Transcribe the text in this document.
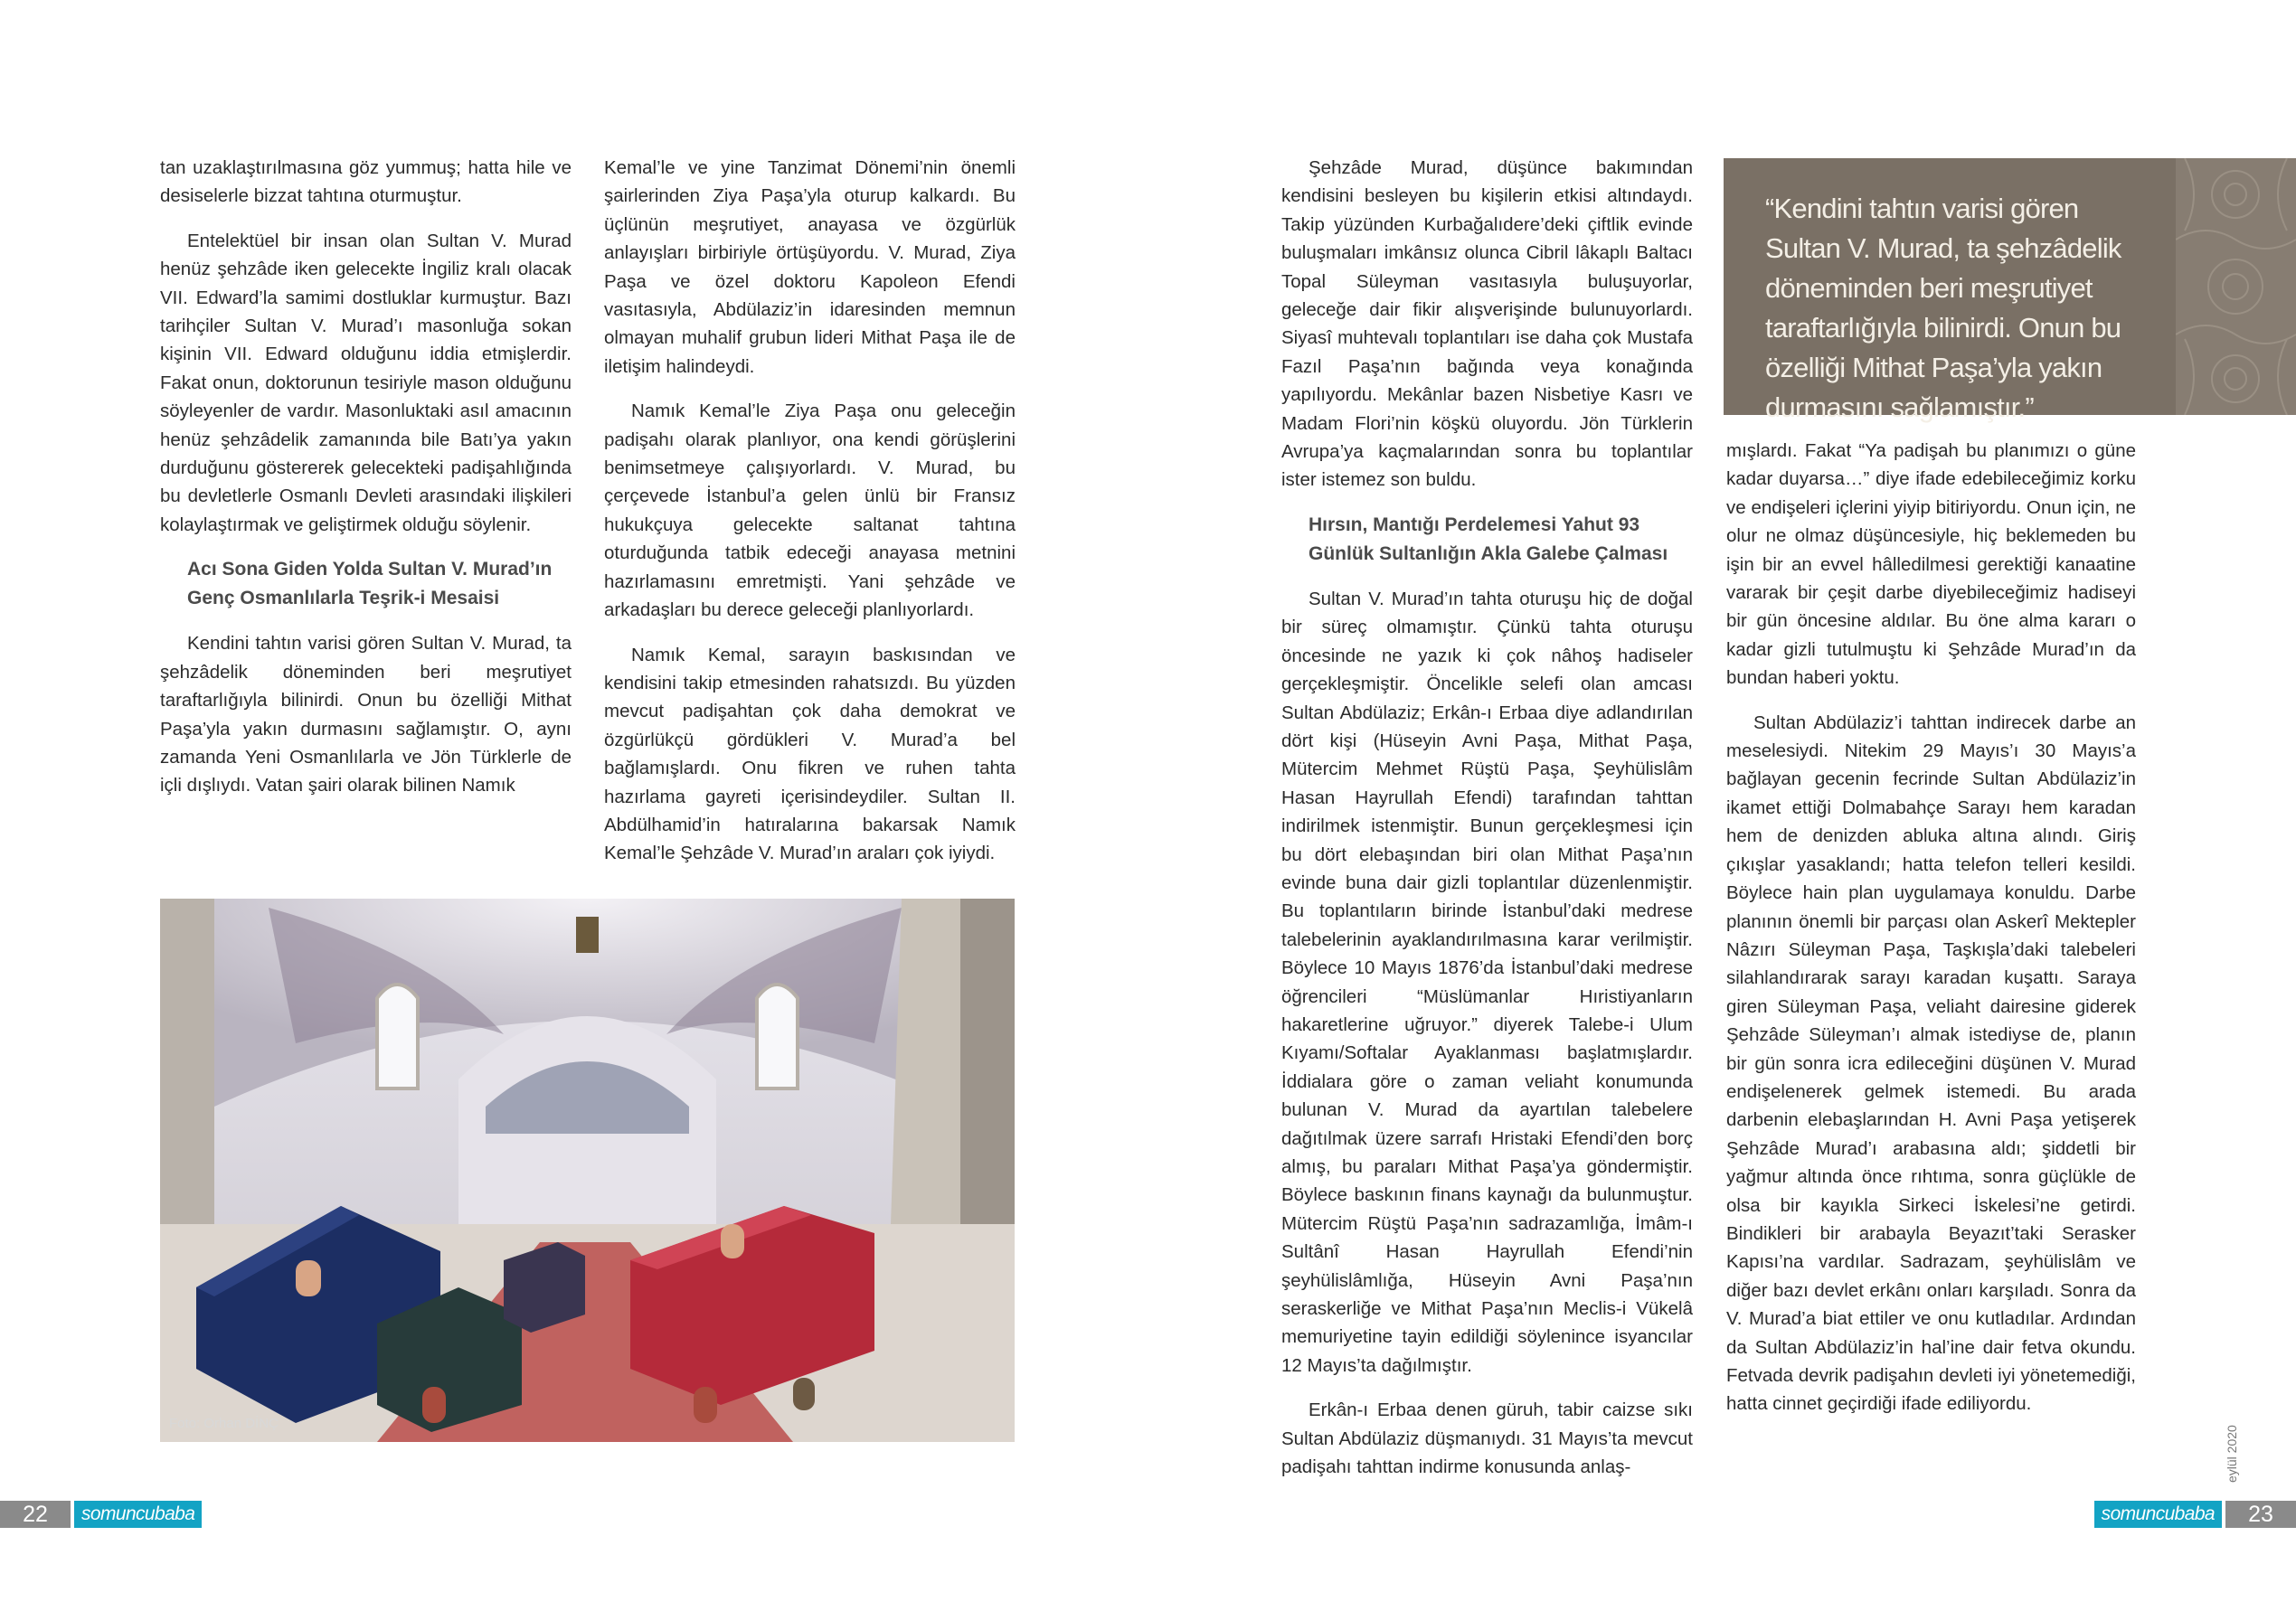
tan uzaklaştırılmasına göz yummuş; hatta hile ve desiselerle bizzat tahtına oturmuştur.

Entelektüel bir insan olan Sultan V. Murad henüz şehzâde iken gelecekte İngiliz kralı olacak VII. Edward’la samimi dostluklar kurmuştur. Bazı tarihçiler Sultan V. Murad’ı masonluğa sokan kişinin VII. Edward olduğunu iddia etmişlerdir. Fakat onun, doktorunun tesiriyle mason olduğunu söyleyenler de vardır. Masonluktaki asıl amacının henüz şehzâdelik zamanında bile Batı’ya yakın durduğunu göstererek gelecekteki padişahlığında bu devletlerle Osmanlı Devleti arasındaki ilişkileri kolaylaştırmak ve geliştirmek olduğu söylenir.

Acı Sona Giden Yolda Sultan V. Murad’ın Genç Osmanlılarla Teşrik-i Mesaisi

Kendini tahtın varisi gören Sultan V. Murad, ta şehzâdelik döneminden beri meşrutiyet taraftarlığıyla bilinirdi. Onun bu özelliği Mithat Paşa’yla yakın durmasını sağlamıştır. O, aynı zamanda Yeni Osmanlılarla ve Jön Türklerle de içli dışlıydı. Vatan şairi olarak bilinen Namık

Kemal’le ve yine Tanzimat Dönemi’nin önemli şairlerinden Ziya Paşa’yla oturup kalkardı. Bu üçlünün meşrutiyet, anayasa ve özgürlük anlayışları birbiriyle örtüşüyordu. V. Murad, Ziya Paşa ve özel doktoru Kapoleon Efendi vasıtasıyla, Abdülaziz’in idaresinden memnun olmayan muhalif grubun lideri Mithat Paşa ile de iletişim halindeydi.

Namık Kemal’le Ziya Paşa onu geleceğin padişahı olarak planlıyor, ona kendi görüşlerini benimsetmeye çalışıyorlardı. V. Murad, bu çerçevede İstanbul’a gelen ünlü bir Fransız hukukçuya gelecekte saltanat tahtına oturduğunda tatbik edeceği anayasa metnini hazırlamasını emretmişti. Yani şehzâde ve arkadaşları bu derece geleceği planlıyorlardı.

Namık Kemal, sarayın baskısından ve kendisini takip etmesinden rahatsızdı. Bu yüzden mevcut padişahtan çok daha demokrat ve özgürlükçü gördükleri V. Murad’a bel bağlamışlardı. Onu fikren ve ruhen tahta hazırlama gayreti içerisindeydiler. Sultan II. Abdülhamid’in hatıralarına bakarsak Namık Kemal’le Şehzâde V. Murad’ın araları çok iyiydi.

Foto: Orhan DİNÇ
22	somuncubaba

Şehzâde Murad, düşünce bakımından kendisini besleyen bu kişilerin etkisi altındaydı. Takip yüzünden Kurbağalıdere’deki çiftlik evinde buluşmaları imkânsız olunca Cibril lâkaplı Baltacı Topal Süleyman vasıtasıyla buluşuyorlar, geleceğe dair fikir alışverişinde bulunuyorlardı. Siyasî muhtevalı toplantıları ise daha çok Mustafa Fazıl Paşa’nın bağında veya konağında yapılıyordu. Mekânlar bazen Nisbetiye Kasrı ve Madam Flori’nin köşkü oluyordu. Jön Türklerin Avrupa’ya kaçmalarından sonra bu toplantılar ister istemez son buldu.

Hırsın, Mantığı Perdelemesi Yahut 93 Günlük Sultanlığın Akla Galebe Çalması

Sultan V. Murad’ın tahta oturuşu hiç de doğal bir süreç olmamıştır. Çünkü tahta oturuşu öncesinde ne yazık ki çok nâhoş hadiseler gerçekleşmiştir. Öncelikle selefi olan amcası Sultan Abdülaziz; Erkân-ı Erbaa diye adlandırılan dört kişi (Hüseyin Avni Paşa, Mithat Paşa, Mütercim Mehmet Rüştü Paşa, Şeyhülislâm Hasan Hayrullah Efendi) tarafından tahttan indirilmek istenmiştir. Bunun gerçekleşmesi için bu dört elebaşından biri olan Mithat Paşa’nın evinde buna dair gizli toplantılar düzenlenmiştir. Bu toplantıların birinde İstanbul’daki medrese talebelerinin ayaklandırılmasına karar verilmiştir. Böylece 10 Mayıs 1876’da İstanbul’daki medrese öğrencileri “Müslümanlar Hıristiyanların hakaretlerine uğruyor.” diyerek Talebe-i Ulum Kıyamı/Softalar Ayaklanması başlatmışlardır. İddialara göre o zaman veliaht konumunda bulunan V. Murad da ayartılan talebelere dağıtılmak üzere sarrafı Hristaki Efendi’den borç almış, bu paraları Mithat Paşa’ya göndermiştir. Böylece baskının finans kaynağı da bulunmuştur. Mütercim Rüştü Paşa’nın sadrazamlığa, İmâm-ı Sultânî Hasan Hayrullah Efendi’nin şeyhülislâmlığa, Hüseyin Avni Paşa’nın seraskerliğe ve Mithat Paşa’nın Meclis-i Vükelâ memuriyetine tayin edildiği söylenince isyancılar 12 Mayıs’ta dağılmıştır.

Erkân-ı Erbaa denen güruh, tabir caizse sıkı Sultan Abdülaziz düşmanıydı. 31 Mayıs’ta mevcut padişahı tahttan indirme konusunda anlaş-

“Kendini tahtın varisi gören Sultan V. Murad, ta şehzâdelik döneminden beri meşrutiyet taraftarlığıyla bilinirdi. Onun bu özelliği Mithat Paşa’yla yakın durmasını sağlamıştır.”

mışlardı. Fakat “Ya padişah bu planımızı o güne kadar duyarsa…” diye ifade edebileceğimiz korku ve endişeleri içlerini yiyip bitiriyordu. Onun için, ne olur ne olmaz düşüncesiyle, hiç beklemeden bu işin bir an evvel hâlledilmesi gerektiği kanaatine vararak bir çeşit darbe diyebileceğimiz hadiseyi bir gün öncesine aldılar. Bu öne alma kararı o kadar gizli tutulmuştu ki Şehzâde Murad’ın da bundan haberi yoktu.

Sultan Abdülaziz’i tahttan indirecek darbe an meselesiydi. Nitekim 29 Mayıs’ı 30 Mayıs’a bağlayan gecenin fecrinde Sultan Abdülaziz’in ikamet ettiği Dolmabahçe Sarayı hem karadan hem de denizden abluka altına alındı. Giriş çıkışlar yasaklandı; hatta telefon telleri kesildi. Böylece hain plan uygulamaya konuldu. Darbe planının önemli bir parçası olan Askerî Mektepler Nâzırı Süleyman Paşa, Taşkışla’daki talebeleri silahlandırarak sarayı karadan kuşattı. Saraya giren Süleyman Paşa, veliaht dairesine giderek Şehzâde Süleyman’ı almak istediyse de, planın bir gün sonra icra edileceğini düşünen V. Murad endişelenerek gelmek istemedi. Bu arada darbenin elebaşlarından H. Avni Paşa yetişerek Şehzâde Murad’ı arabasına aldı; şiddetli bir yağmur altında önce rıhtıma, sonra güçlükle de olsa bir kayıkla Sirkeci İskelesi’ne getirdi. Bindikleri bir arabayla Beyazıt’taki Serasker Kapısı’na vardılar. Sadrazam, şeyhülislâm ve diğer bazı devlet erkânı onları karşıladı. Sonra da V. Murad’a biat ettiler ve onu kutladılar. Ardından da Sultan Abdülaziz’in hal’ine dair fetva okundu. Fetvada devrik padişahın devleti iyi yönetemediği, hatta cinnet geçirdiği ifade ediliyordu.

eylül 2020
somuncubaba	23
